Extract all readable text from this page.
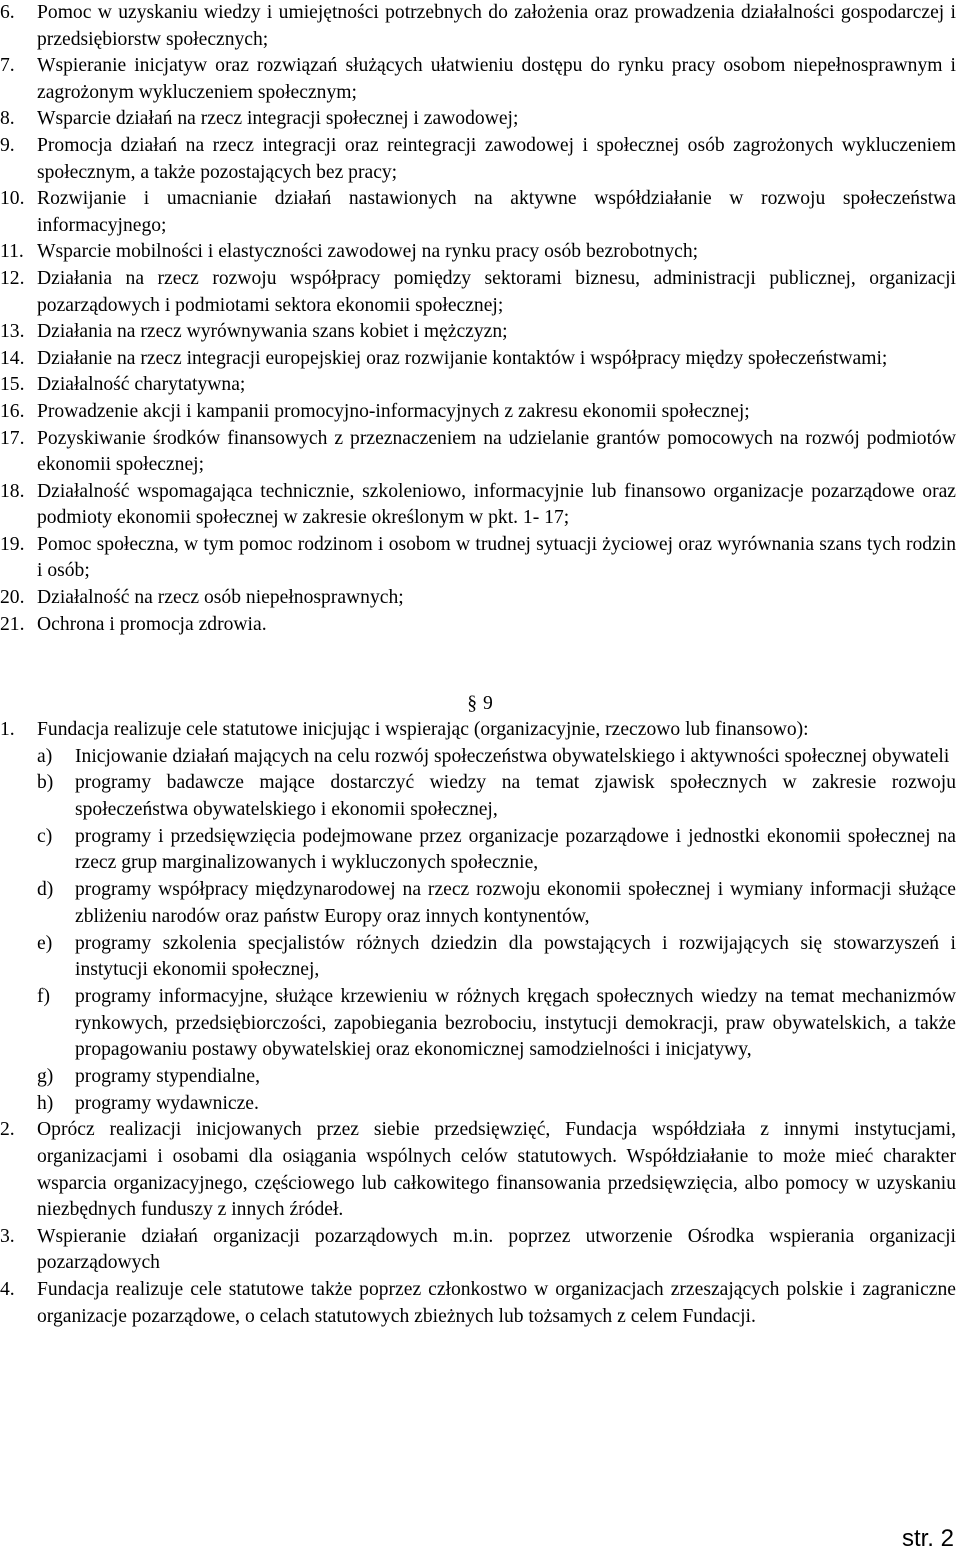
6.	Pomoc w uzyskaniu wiedzy i umiejętności potrzebnych do założenia oraz prowadzenia działalności gospodarczej i przedsiębiorstw społecznych;
7.	Wspieranie inicjatyw oraz rozwiązań służących ułatwieniu dostępu do rynku pracy osobom niepełnosprawnym i zagrożonym wykluczeniem społecznym;
8.	Wsparcie działań na rzecz integracji społecznej i zawodowej;
9.	Promocja działań na rzecz integracji oraz reintegracji zawodowej i społecznej osób zagrożonych wykluczeniem społecznym, a także pozostających bez pracy;
10. Rozwijanie i umacnianie działań nastawionych na aktywne współdziałanie w rozwoju społeczeństwa informacyjnego;
11. Wsparcie mobilności i elastyczności zawodowej na rynku pracy osób bezrobotnych;
12. Działania na rzecz rozwoju współpracy pomiędzy sektorami biznesu, administracji publicznej, organizacji pozarządowych i podmiotami sektora ekonomii społecznej;
13. Działania na rzecz wyrównywania szans kobiet i mężczyzn;
14. Działanie na rzecz integracji europejskiej oraz rozwijanie kontaktów i współpracy między społeczeństwami;
15. Działalność charytatywna;
16. Prowadzenie akcji i kampanii promocyjno-informacyjnych z zakresu ekonomii społecznej;
17. Pozyskiwanie środków finansowych z przeznaczeniem na udzielanie grantów pomocowych na rozwój podmiotów ekonomii społecznej;
18. Działalność wspomagająca technicznie, szkoleniowo, informacyjnie lub finansowo organizacje pozarządowe oraz podmioty ekonomii społecznej w zakresie określonym w pkt. 1- 17;
19. Pomoc społeczna, w tym pomoc rodzinom i osobom w trudnej sytuacji życiowej oraz wyrównania szans tych rodzin i osób;
20. Działalność na rzecz osób niepełnosprawnych;
21. Ochrona i promocja zdrowia.
§ 9
1.	Fundacja realizuje cele statutowe inicjując i wspierając (organizacyjnie, rzeczowo lub finansowo):
a)	Inicjowanie działań mających na celu rozwój społeczeństwa obywatelskiego i aktywności społecznej obywateli
b)	programy badawcze mające dostarczyć wiedzy na temat zjawisk społecznych w zakresie rozwoju społeczeństwa obywatelskiego i ekonomii społecznej,
c)	programy i przedsięwzięcia podejmowane przez organizacje pozarządowe i jednostki ekonomii społecznej na rzecz grup marginalizowanych i wykluczonych społecznie,
d)	programy współpracy międzynarodowej na rzecz rozwoju ekonomii społecznej i wymiany informacji służące zbliżeniu narodów oraz państw Europy oraz innych kontynentów,
e)	programy szkolenia specjalistów różnych dziedzin dla powstających i rozwijających się stowarzyszeń i instytucji ekonomii społecznej,
f)	programy informacyjne, służące krzewieniu w różnych kręgach społecznych wiedzy na temat mechanizmów rynkowych, przedsiębiorczości, zapobiegania bezrobociu, instytucji demokracji, praw obywatelskich, a także propagowaniu postawy obywatelskiej oraz ekonomicznej samodzielności i inicjatywy,
g)	programy stypendialne,
h)	programy wydawnicze.
2.	Oprócz realizacji inicjowanych przez siebie przedsięwzięć, Fundacja współdziała z innymi instytucjami, organizacjami i osobami dla osiągania wspólnych celów statutowych. Współdziałanie to może mieć charakter wsparcia organizacyjnego, częściowego lub całkowitego finansowania przedsięwzięcia, albo pomocy w uzyskaniu niezbędnych funduszy z innych źródeł.
3.	Wspieranie działań organizacji pozarządowych m.in. poprzez utworzenie Ośrodka wspierania organizacji pozarządowych
4.	Fundacja realizuje cele statutowe także poprzez członkostwo w organizacjach zrzeszających polskie i zagraniczne organizacje pozarządowe, o celach statutowych zbieżnych lub tożsamych z celem Fundacji.
str. 2
